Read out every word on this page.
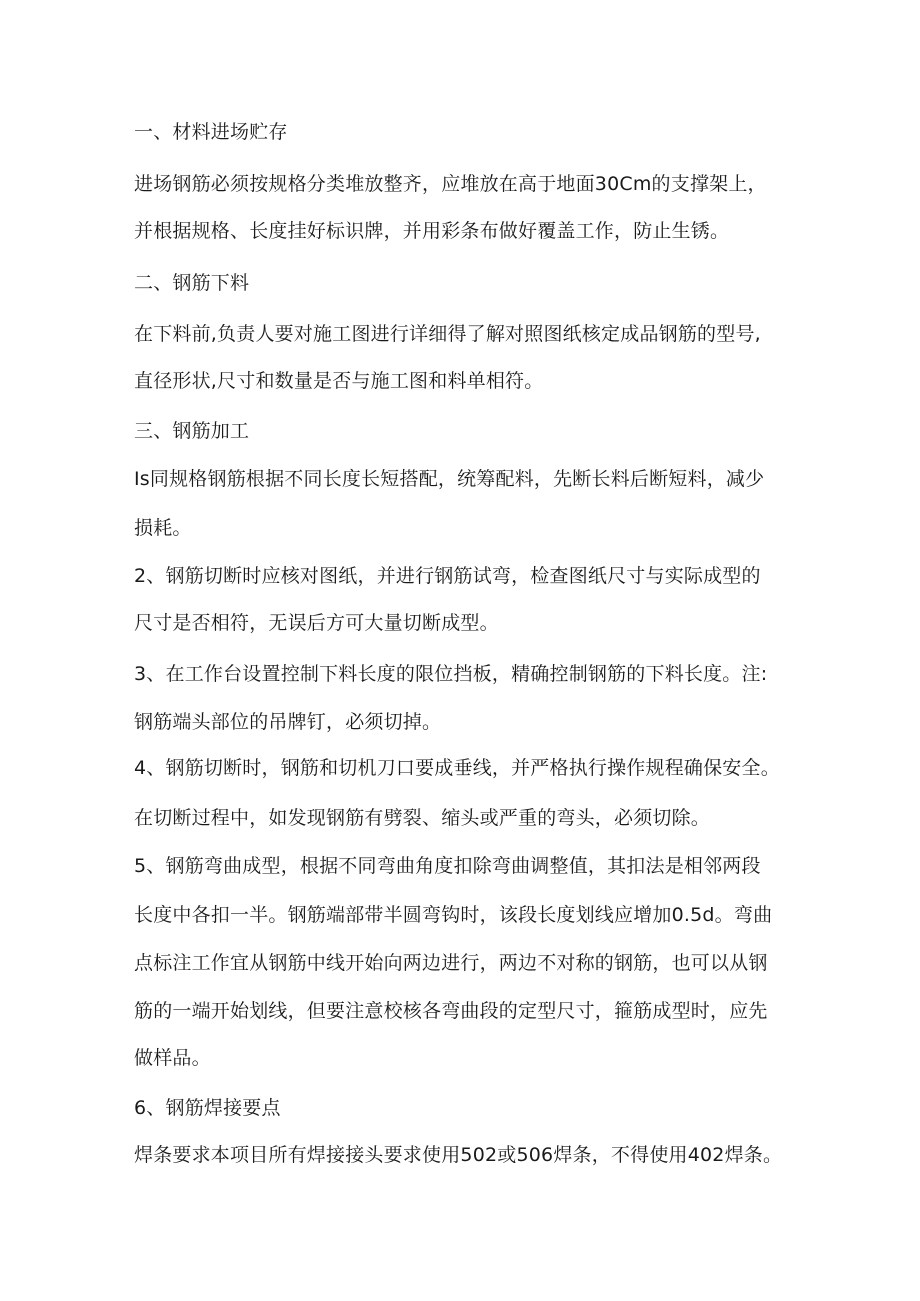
一、材料进场贮存
进场钢筋必须按规格分类堆放整齐，应堆放在高于地面30Cm的支撑架上，
并根据规格、长度挂好标识牌，并用彩条布做好覆盖工作，防止生锈。
二、钢筋下料
在下料前,负责人要对施工图进行详细得了解对照图纸核定成品钢筋的型号,
直径形状,尺寸和数量是否与施工图和料单相符。
三、钢筋加工
Is同规格钢筋根据不同长度长短搭配，统筹配料，先断长料后断短料，减少
损耗。
2、钢筋切断时应核对图纸，并进行钢筋试弯，检查图纸尺寸与实际成型的
尺寸是否相符，无误后方可大量切断成型。
3、在工作台设置控制下料长度的限位挡板，精确控制钢筋的下料长度。注:
钢筋端头部位的吊牌钉，必须切掉。
4、钢筋切断时，钢筋和切机刀口要成垂线，并严格执行操作规程确保安全。
在切断过程中，如发现钢筋有劈裂、缩头或严重的弯头，必须切除。
5、钢筋弯曲成型，根据不同弯曲角度扣除弯曲调整值，其扣法是相邻两段
长度中各扣一半。钢筋端部带半圆弯钩时，该段长度划线应增加0.5d。弯曲
点标注工作宜从钢筋中线开始向两边进行，两边不对称的钢筋，也可以从钢
筋的一端开始划线，但要注意校核各弯曲段的定型尺寸，箍筋成型时，应先
做样品。
6、钢筋焊接要点
焊条要求本项目所有焊接接头要求使用502或506焊条，不得使用402焊条。
